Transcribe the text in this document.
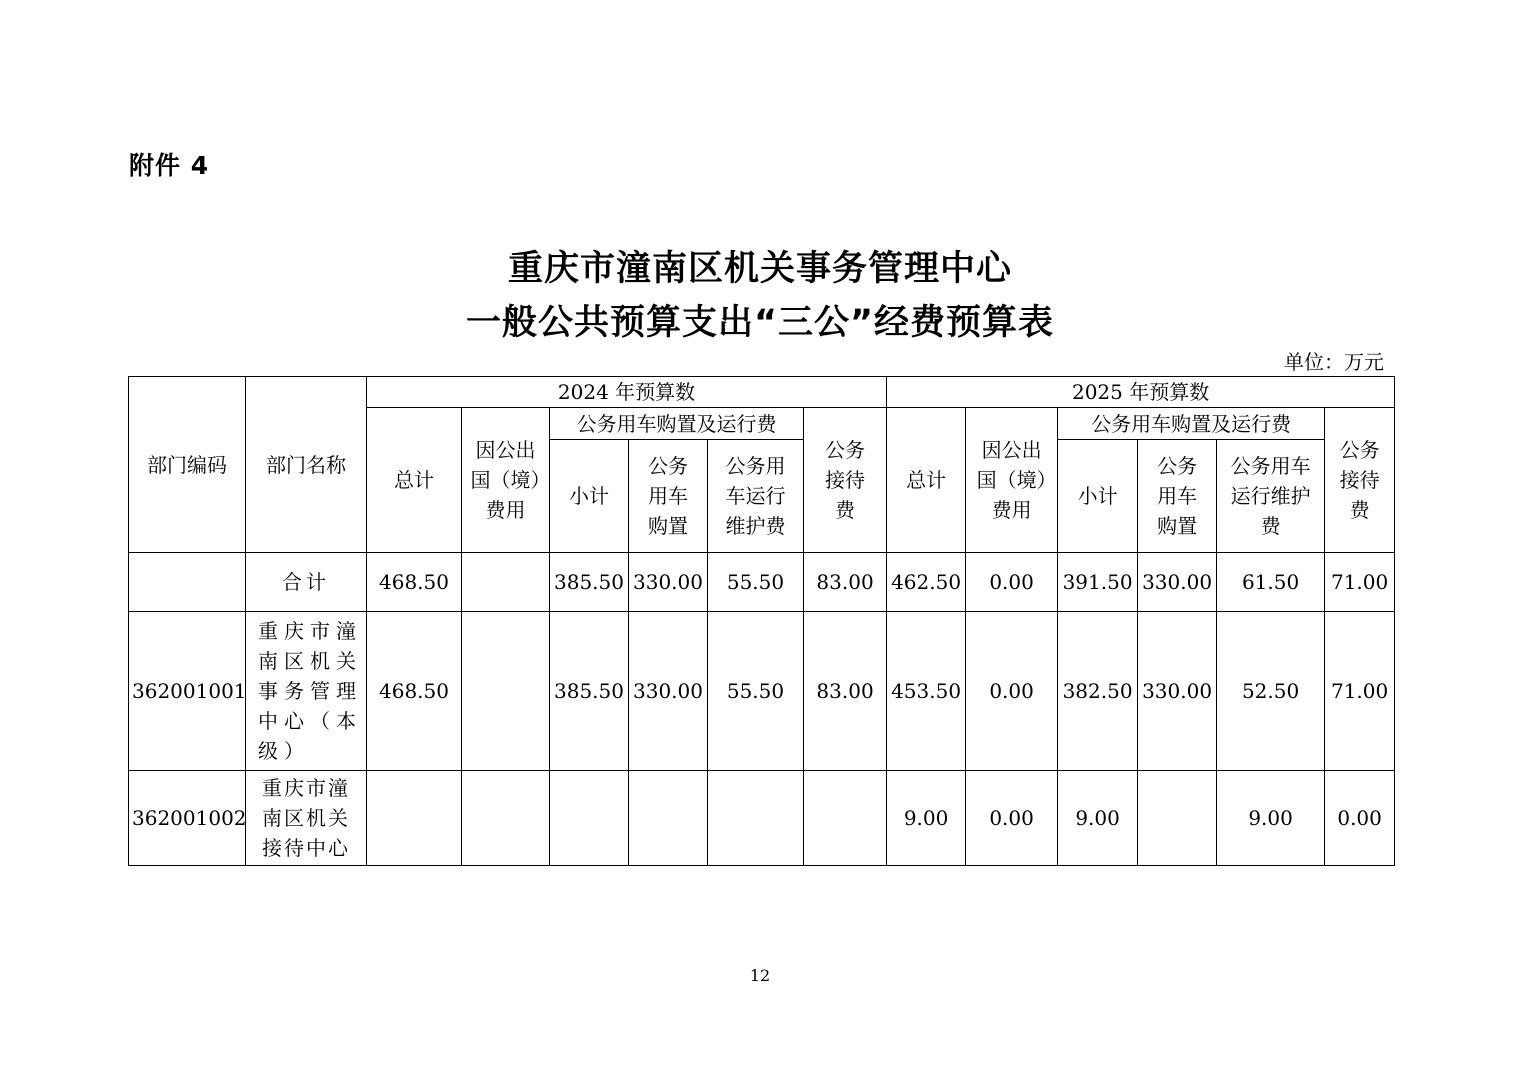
附件 4
重庆市潼南区机关事务管理中心
一般公共预算支出“三公”经费预算表
单位：万元
部门编码	部门名称	2024 年预算数						2025 年预算数					
		总计	因公出国（境）费用	公务用车购置及运行费			公务接待费	总计	因公出国（境）费用	公务用车购置及运行费			公务接待费

				小计	公务用车购置	公务用车运行维护费				小计	公务用车购置	公务用车运行维护费	

	合计	468.50		385.50	330.00	55.50	83.00	462.50	0.00	391.50	330.00	61.50	71.00
362001001	重庆市潼南区机关事务管理中心（本级）	468.50		385.50	330.00	55.50	83.00	453.50	0.00	382.50	330.00	52.50	71.00
362001002	重庆市潼南区机关接待中心							9.00	0.00	9.00		9.00	0.00
12
